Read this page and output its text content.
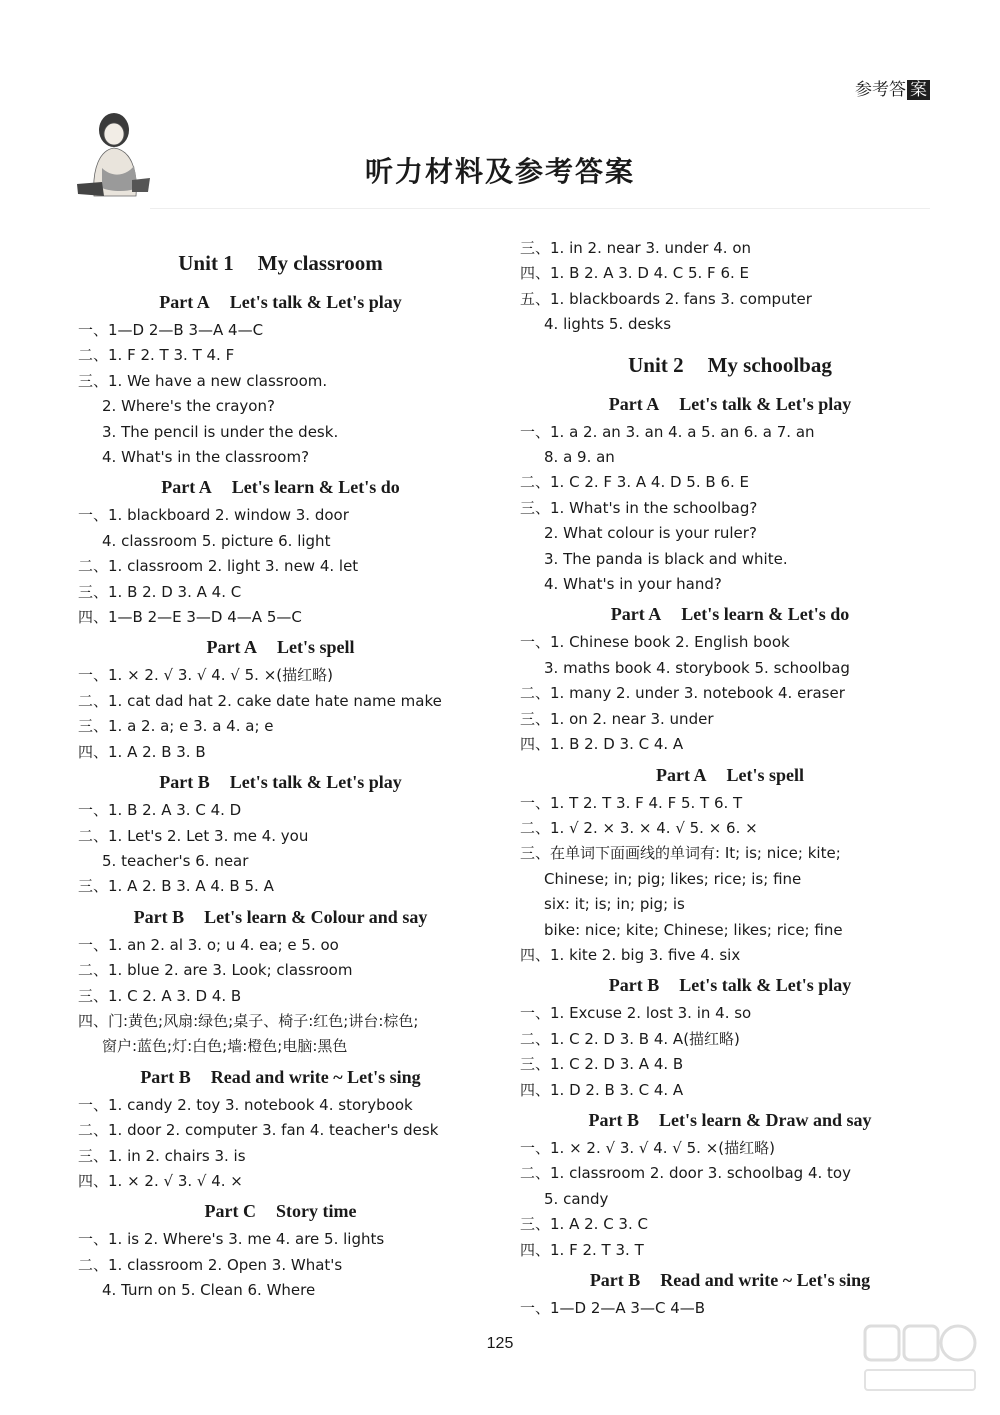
参考答 案
听力材料及参考答案
Unit 1 My classroom
Part A Let's talk & Let's play
一、1—D 2—B 3—A 4—C
二、1. F 2. T 3. T 4. F
三、1. We have a new classroom.
2. Where's the crayon?
3. The pencil is under the desk.
4. What's in the classroom?
Part A Let's learn & Let's do
一、1. blackboard 2. window 3. door
4. classroom 5. picture 6. light
二、1. classroom 2. light 3. new 4. let
三、1. B 2. D 3. A 4. C
四、1—B 2—E 3—D 4—A 5—C
Part A Let's spell
一、1. × 2. √ 3. √ 4. √ 5. ×(描红略)
二、1. cat dad hat 2. cake date hate name make
三、1. a 2. a; e 3. a 4. a; e
四、1. A 2. B 3. B
Part B Let's talk & Let's play
一、1. B 2. A 3. C 4. D
二、1. Let's 2. Let 3. me 4. you
5. teacher's 6. near
三、1. A 2. B 3. A 4. B 5. A
Part B Let's learn & Colour and say
一、1. an 2. al 3. o; u 4. ea; e 5. oo
二、1. blue 2. are 3. Look; classroom
三、1. C 2. A 3. D 4. B
四、门:黄色;风扇:绿色;桌子、椅子:红色;讲台:棕色;
窗户:蓝色;灯:白色;墙:橙色;电脑:黑色
Part B Read and write ~ Let's sing
一、1. candy 2. toy 3. notebook 4. storybook
二、1. door 2. computer 3. fan 4. teacher's desk
三、1. in 2. chairs 3. is
四、1. × 2. √ 3. √ 4. ×
Part C Story time
一、1. is 2. Where's 3. me 4. are 5. lights
二、1. classroom 2. Open 3. What's
4. Turn on 5. Clean 6. Where
三、1. in 2. near 3. under 4. on
四、1. B 2. A 3. D 4. C 5. F 6. E
五、1. blackboards 2. fans 3. computer
4. lights 5. desks
Unit 2 My schoolbag
Part A Let's talk & Let's play
一、1. a 2. an 3. an 4. a 5. an 6. a 7. an
8. a 9. an
二、1. C 2. F 3. A 4. D 5. B 6. E
三、1. What's in the schoolbag?
2. What colour is your ruler?
3. The panda is black and white.
4. What's in your hand?
Part A Let's learn & Let's do
一、1. Chinese book 2. English book
3. maths book 4. storybook 5. schoolbag
二、1. many 2. under 3. notebook 4. eraser
三、1. on 2. near 3. under
四、1. B 2. D 3. C 4. A
Part A Let's spell
一、1. T 2. T 3. F 4. F 5. T 6. T
二、1. √ 2. × 3. × 4. √ 5. × 6. ×
三、在单词下面画线的单词有: It; is; nice; kite;
Chinese; in; pig; likes; rice; is; fine
six: it; is; in; pig; is
bike: nice; kite; Chinese; likes; rice; fine
四、1. kite 2. big 3. five 4. six
Part B Let's talk & Let's play
一、1. Excuse 2. lost 3. in 4. so
二、1. C 2. D 3. B 4. A(描红略)
三、1. C 2. D 3. A 4. B
四、1. D 2. B 3. C 4. A
Part B Let's learn & Draw and say
一、1. × 2. √ 3. √ 4. √ 5. ×(描红略)
二、1. classroom 2. door 3. schoolbag 4. toy
5. candy
三、1. A 2. C 3. C
四、1. F 2. T 3. T
Part B Read and write ~ Let's sing
一、1—D 2—A 3—C 4—B
125
